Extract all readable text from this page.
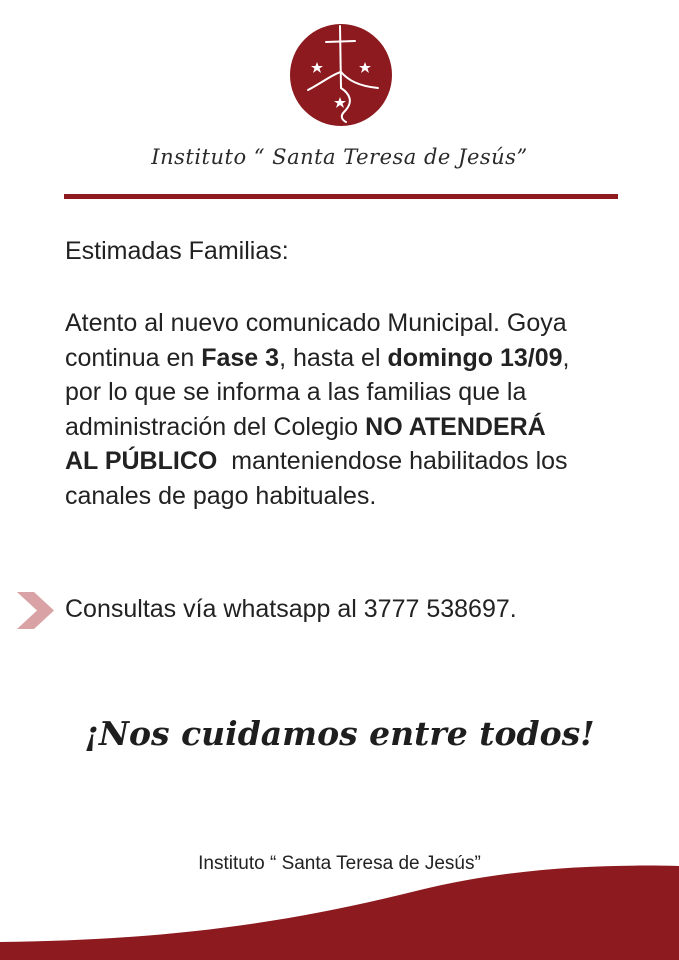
Instituto “ Santa Teresa de Jesús”
Estimadas Familias:
Atento al nuevo comunicado Municipal. Goya
continua en Fase 3, hasta el domingo 13/09,
por lo que se informa a las familias que la
administración del Colegio NO ATENDERÁ
AL PÚBLICO  manteniendose habilitados los
canales de pago habituales.
Consultas vía whatsapp al 3777 538697.
¡Nos cuidamos entre todos!
Instituto “ Santa Teresa de Jesús”
